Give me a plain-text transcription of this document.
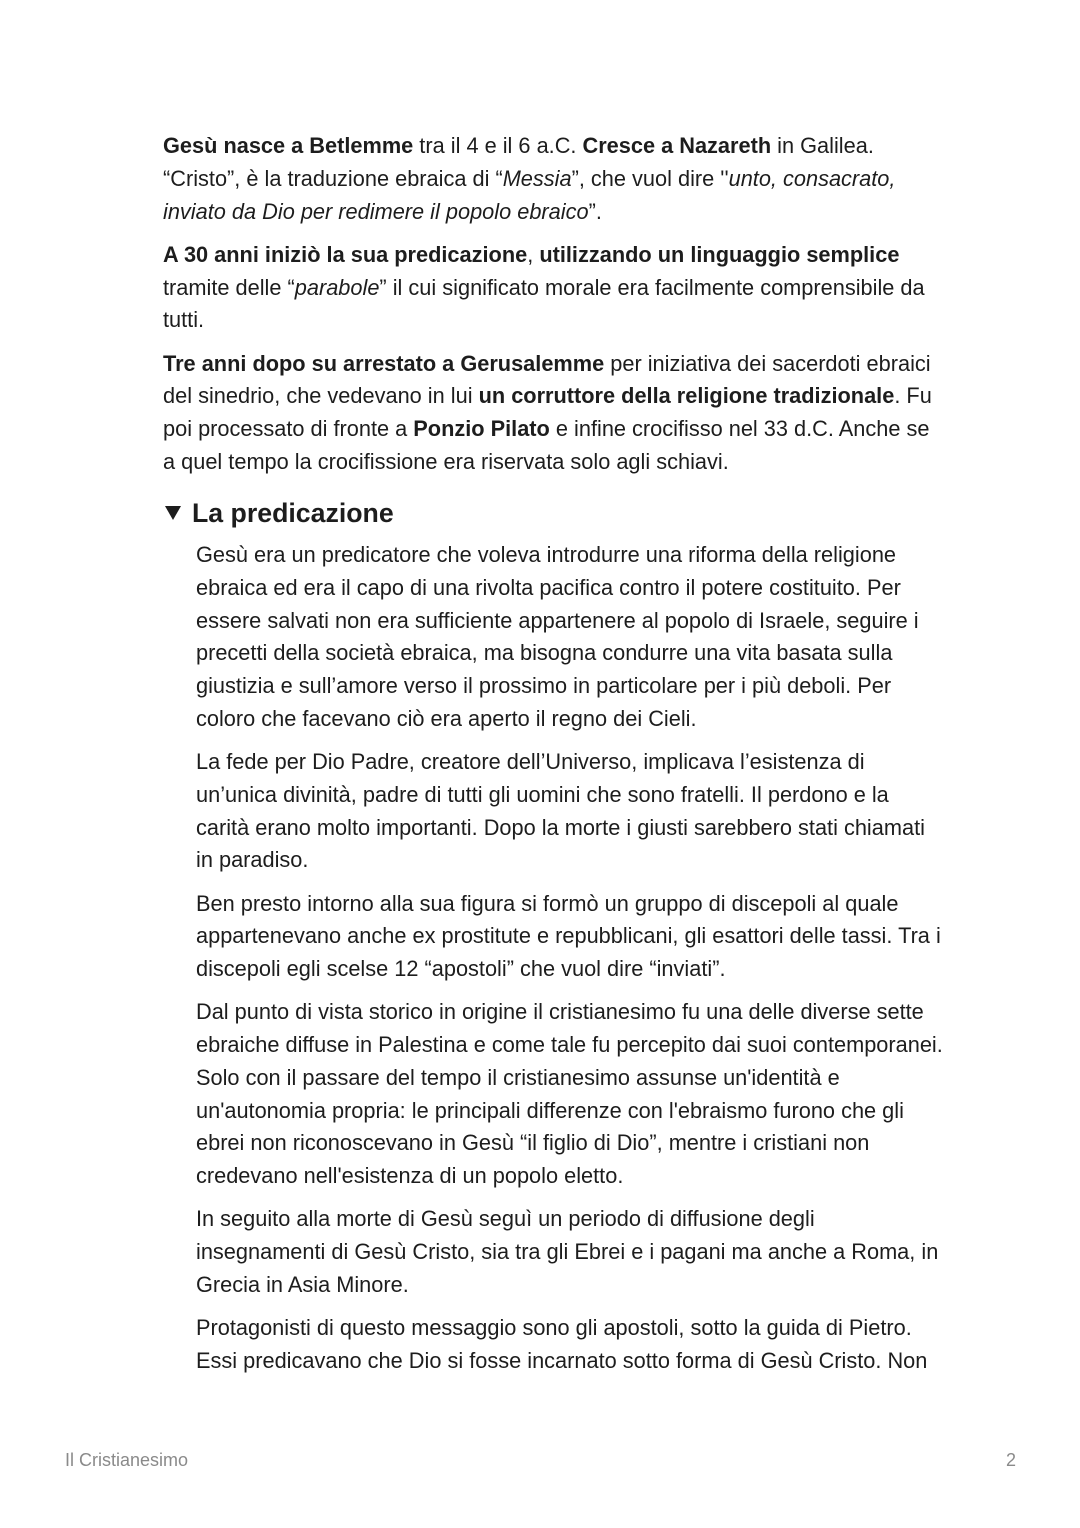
Gesù nasce a Betlemme tra il 4 e il 6 a.C. Cresce a Nazareth in Galilea.
“Cristo”, è la traduzione ebraica di “Messia”, che vuol dire ''unto, consacrato,
inviato da Dio per redimere il popolo ebraico”.

A 30 anni iniziò la sua predicazione, utilizzando un linguaggio semplice
tramite delle “parabole” il cui significato morale era facilmente comprensibile da
tutti.

Tre anni dopo su arrestato a Gerusalemme per iniziativa dei sacerdoti ebraici
del sinedrio, che vedevano in lui un corruttore della religione tradizionale. Fu
poi processato di fronte a Ponzio Pilato e infine crocifisso nel 33 d.C. Anche se
a quel tempo la crocifissione era riservata solo agli schiavi.

La predicazione

Gesù era un predicatore che voleva introdurre una riforma della religione
ebraica ed era il capo di una rivolta pacifica contro il potere costituito. Per
essere salvati non era sufficiente appartenere al popolo di Israele, seguire i
precetti della società ebraica, ma bisogna condurre una vita basata sulla
giustizia e sull’amore verso il prossimo in particolare per i più deboli. Per
coloro che facevano ciò era aperto il regno dei Cieli.

La fede per Dio Padre, creatore dell’Universo, implicava l’esistenza di
un’unica divinità, padre di tutti gli uomini che sono fratelli. Il perdono e la
carità erano molto importanti. Dopo la morte i giusti sarebbero stati chiamati
in paradiso.

Ben presto intorno alla sua figura si formò un gruppo di discepoli al quale
appartenevano anche ex prostitute e repubblicani, gli esattori delle tassi. Tra i
discepoli egli scelse 12 “apostoli” che vuol dire “inviati”.

Dal punto di vista storico in origine il cristianesimo fu una delle diverse sette
ebraiche diffuse in Palestina e come tale fu percepito dai suoi contemporanei.
Solo con il passare del tempo il cristianesimo assunse un'identità e
un'autonomia propria: le principali differenze con l'ebraismo furono che gli
ebrei non riconoscevano in Gesù “il figlio di Dio”, mentre i cristiani non
credevano nell'esistenza di un popolo eletto.

In seguito alla morte di Gesù seguì un periodo di diffusione degli
insegnamenti di Gesù Cristo, sia tra gli Ebrei e i pagani ma anche a Roma, in
Grecia in Asia Minore.

Protagonisti di questo messaggio sono gli apostoli, sotto la guida di Pietro.
Essi predicavano che Dio si fosse incarnato sotto forma di Gesù Cristo. Non

Il Cristianesimo	2
